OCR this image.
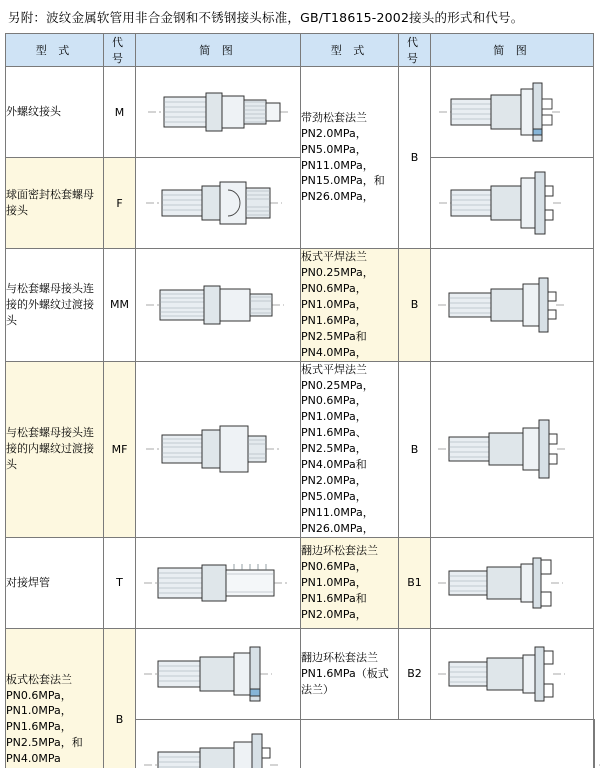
另附：波纹金属软管用非合金钢和不锈钢接头标准，GB/T18615-2002接头的形式和代号。
型 式	代 号	简 图	型 式	代 号	简 图	
外螺纹接头	M		带劲松套法兰 PN2.0MPa，PN5.0MPa，PN11.0MPa，PN15.0MPa，和PN26.0MPa，	B	

球面密封松套螺母接头	F	

与松套螺母接头连接的外螺纹过渡接头	MM		板式平焊法兰 PN0.25MPa，PN0.6MPa，PN1.0MPa，PN1.6MPa，PN2.5MPa和PN4.0MPa，	B	

与松套螺母接头连接的内螺纹过渡接头	MF		板式平焊法兰 PN0.25MPa，PN0.6MPa，PN1.0MPa，PN1.6MPa、PN2.5MPa，PN4.0MPa和PN2.0MPa，PN5.0MPa，PN11.0MPa，PN26.0MPa，	B	

对接焊管	T		翻边环松套法兰 PN0.6MPa，PN1.0MPa，PN1.6MPa和PN2.0MPa，	B1	

板式松套法兰 PN0.6MPa，PN1.0MPa，PN1.6MPa，PN2.5MPa，和PN4.0MPa	B		翻边环松套法兰 PN1.6MPa（板式法兰）	B2	
